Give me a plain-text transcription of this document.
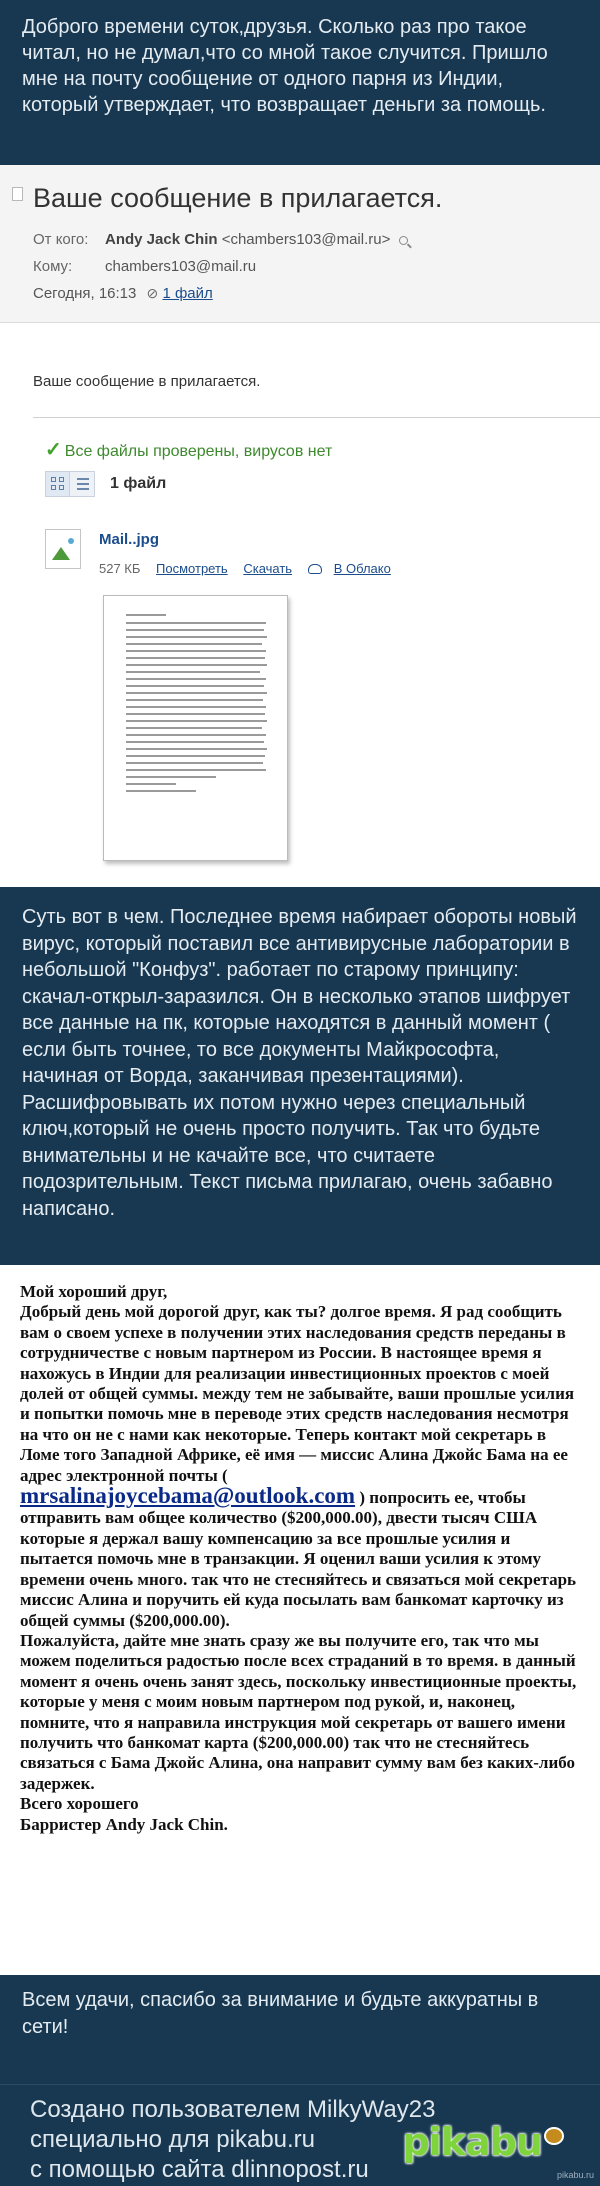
Доброго времени суток,друзья. Сколько раз про такое читал, но не думал,что со мной такое случится. Пришло мне на почту сообщение от одного парня из Индии, который утверждает, что возвращает деньги за помощь.

Ваше сообщение в прилагается.
От кого: Andy Jack Chin <chambers103@mail.ru>
Кому: chambers103@mail.ru
Сегодня, 16:13 ⊘ 1 файл
Ваше сообщение в прилагается.
✓ Все файлы проверены, вирусов нет
1 файл
Mail..jpg
527 КБ Посмотреть Скачать	В Облако

Суть вот в чем. Последнее время набирает обороты новый вирус, который поставил все антивирусные лаборатории в небольшой "Конфуз". работает по старому принципу: скачал-открыл-заразился. Он в несколько этапов шифрует все данные на пк, которые находятся в данный момент ( если быть точнее, то все документы Майкрософта, начиная от Ворда, заканчивая презентациями). Расшифровывать их потом нужно через специальный ключ,который не очень просто получить. Так что будьте внимательны и не качайте все, что считаете подозрительным. Текст письма прилагаю, очень забавно написано.

Мой хороший друг,

Добрый день мой дорогой друг, как ты? долгое время. Я рад сообщить вам о своем успехе в получении этих наследования средств переданы в сотрудничестве с новым партнером из России. В настоящее время я нахожусь в Индии для реализации инвестиционных проектов с моей долей от общей суммы. между тем не забывайте, ваши прошлые усилия и попытки помочь мне в переводе этих средств наследования несмотря на что он не с нами как некоторые. Теперь контакт мой секретарь в Ломе того Западной Африке, её имя — миссис Алина Джойс Бама на ее адрес электронной почты (
mrsalinajoycebama@outlook.com ) попросить ее, чтобы отправить вам общее количество ($200,000.00), двести тысяч США которые я держал вашу компенсацию за все прошлые усилия и пытается помочь мне в транзакции. Я оценил ваши усилия к этому времени очень много. так что не стесняйтесь и связаться мой секретарь миссис Алина и поручить ей куда посылать вам банкомат карточку из общей суммы ($200,000.00).

Пожалуйста, дайте мне знать сразу же вы получите его, так что мы можем поделиться радостью после всех страданий в то время. в данный момент я очень очень занят здесь, поскольку инвестиционные проекты, которые у меня с моим новым партнером под рукой, и, наконец, помните, что я направила инструкция мой секретарь от вашего имени получить что банкомат карта ($200,000.00) так что не стесняйтесь связаться с Бама Джойс Алина, она направит сумму вам без каких-либо задержек.

Всего хорошего

Барристер Andy Jack Chin.

Всем удачи, спасибо за внимание и будьте аккуратны в сети!

Создано пользователем MilkyWay23
специально для pikabu.ru
с помощью сайта dlinnopost.ru
pikabu
pikabu.ru
